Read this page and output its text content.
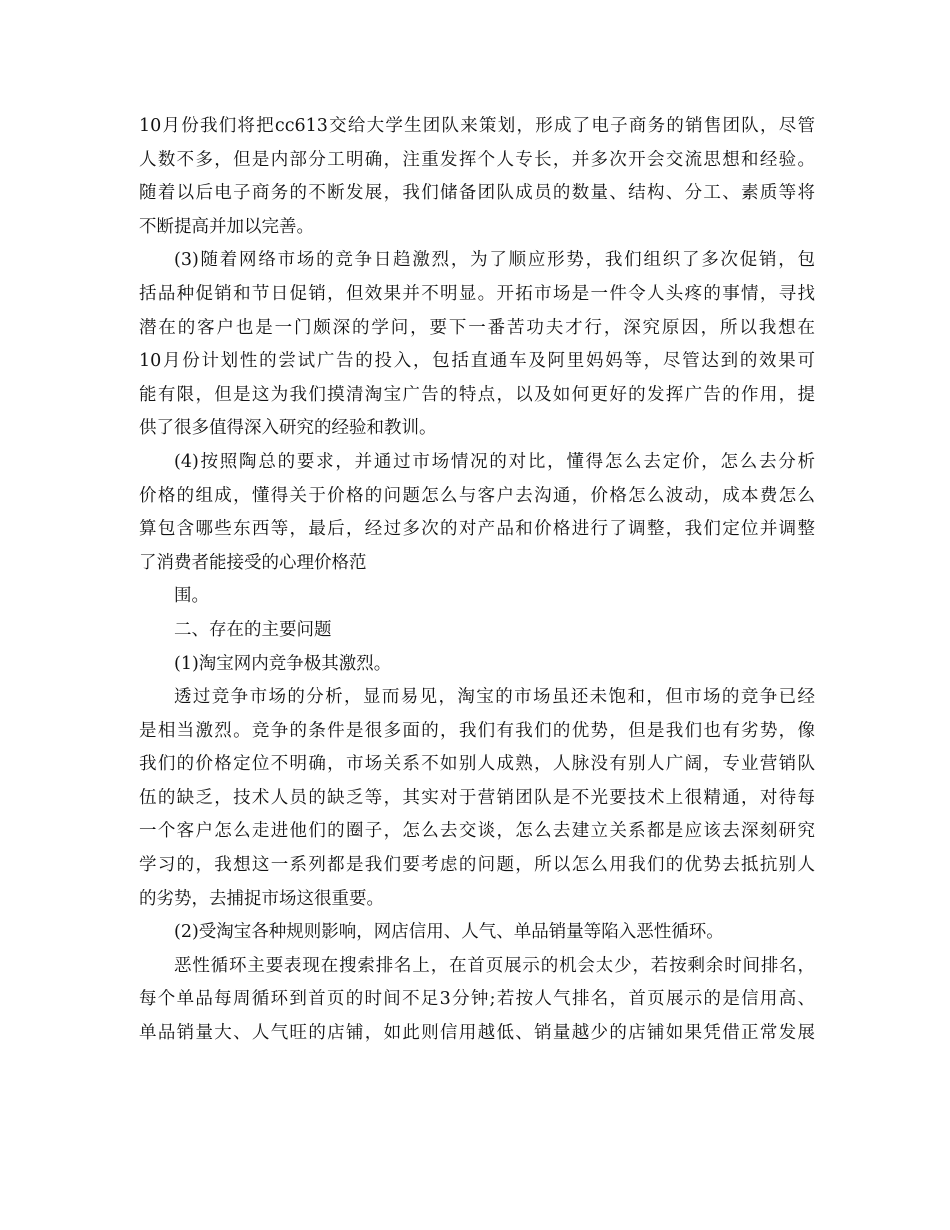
10月份我们将把cc613交给大学生团队来策划，形成了电子商务的销售团队，尽管
人数不多，但是内部分工明确，注重发挥个人专长，并多次开会交流思想和经验。
随着以后电子商务的不断发展，我们储备团队成员的数量、结构、分工、素质等将
不断提高并加以完善。
(3)随着网络市场的竞争日趋激烈，为了顺应形势，我们组织了多次促销，包
括品种促销和节日促销，但效果并不明显。开拓市场是一件令人头疼的事情，寻找
潜在的客户也是一门颇深的学问，要下一番苦功夫才行，深究原因，所以我想在
10月份计划性的尝试广告的投入，包括直通车及阿里妈妈等，尽管达到的效果可
能有限，但是这为我们摸清淘宝广告的特点，以及如何更好的发挥广告的作用，提
供了很多值得深入研究的经验和教训。
(4)按照陶总的要求，并通过市场情况的对比，懂得怎么去定价，怎么去分析
价格的组成，懂得关于价格的问题怎么与客户去沟通，价格怎么波动，成本费怎么
算包含哪些东西等，最后，经过多次的对产品和价格进行了调整，我们定位并调整
了消费者能接受的心理价格范
围。
二、存在的主要问题
(1)淘宝网内竞争极其激烈。
透过竞争市场的分析，显而易见，淘宝的市场虽还未饱和，但市场的竞争已经
是相当激烈。竞争的条件是很多面的，我们有我们的优势，但是我们也有劣势，像
我们的价格定位不明确，市场关系不如别人成熟，人脉没有别人广阔，专业营销队
伍的缺乏，技术人员的缺乏等，其实对于营销团队是不光要技术上很精通，对待每
一个客户怎么走进他们的圈子，怎么去交谈，怎么去建立关系都是应该去深刻研究
学习的，我想这一系列都是我们要考虑的问题，所以怎么用我们的优势去抵抗别人
的劣势，去捕捉市场这很重要。
(2)受淘宝各种规则影响，网店信用、人气、单品销量等陷入恶性循环。
恶性循环主要表现在搜索排名上，在首页展示的机会太少，若按剩余时间排名，
每个单品每周循环到首页的时间不足3分钟;若按人气排名，首页展示的是信用高、
单品销量大、人气旺的店铺，如此则信用越低、销量越少的店铺如果凭借正常发展
